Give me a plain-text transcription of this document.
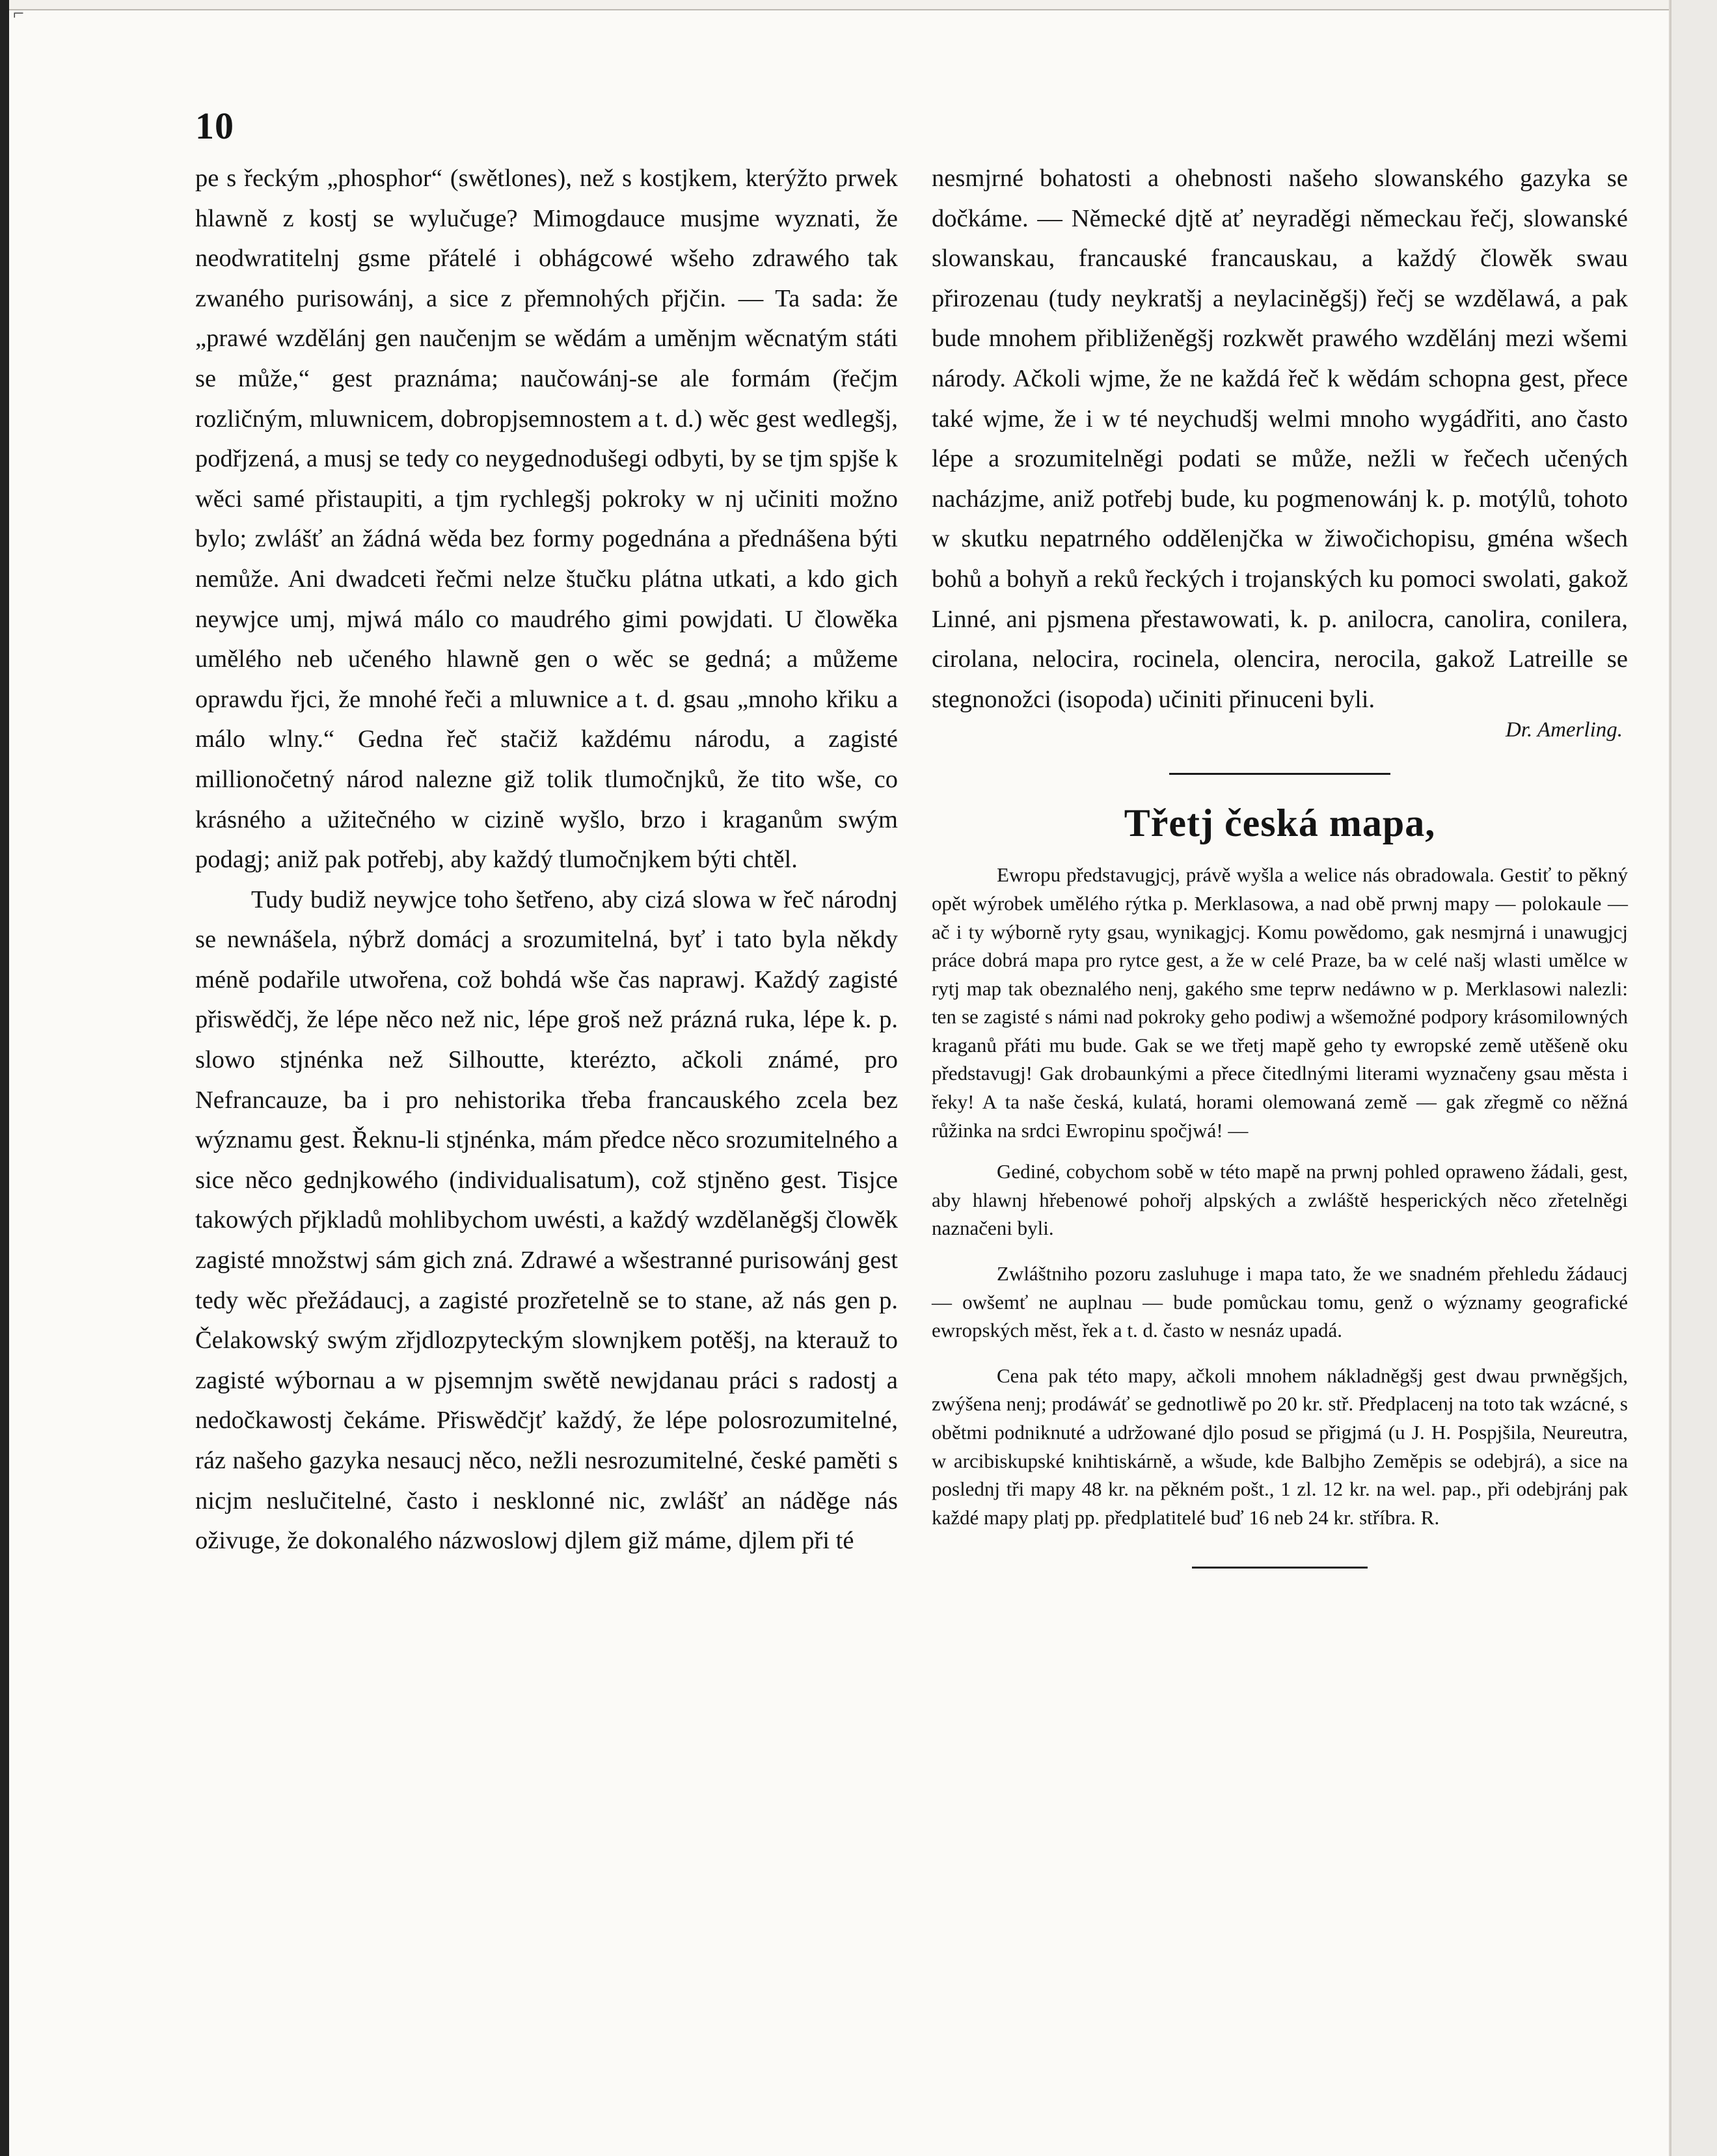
⌐
10

pe s řeckým „phosphor“ (swětlones), než s kostjkem, kterýžto prwek hlawně z kostj se wylučuge? Mimogdauce musjme wyznati, že neodwratitelnj gsme přátelé i obhágcowé wšeho zdrawého tak zwaného purisowánj, a sice z přemnohých přjčin. — Ta sada: že „prawé wzdělánj gen naučenjm se wědám a uměnjm wěcnatým státi se může,“ gest praznáma; naučowánj-se ale formám (řečjm rozličným, mluwnicem, dobropjsemnostem a t. d.) wěc gest wedlegšj, podřjzená, a musj se tedy co neygednodušegi odbyti, by se tjm spjše k wěci samé přistaupiti, a tjm rychlegšj pokroky w nj učiniti možno bylo; zwlášť an žádná wěda bez formy pogednána a přednášena býti nemůže. Ani dwadceti řečmi nelze štučku plátna utkati, a kdo gich neywjce umj, mjwá málo co maudrého gimi powjdati. U člowěka umělého neb učeného hlawně gen o wěc se gedná; a můžeme oprawdu řjci, že mnohé řeči a mluwnice a t. d. gsau „mnoho křiku a málo wlny.“ Gedna řeč stačiž každému národu, a zagisté millionočetný národ nalezne giž tolik tlumočnjků, že tito wše, co krásného a užitečného w cizině wyšlo, brzo i kraganům swým podagj; aniž pak potřebj, aby každý tlumočnjkem býti chtěl.

Tudy budiž neywjce toho šetřeno, aby cizá slowa w řeč národnj se newnášela, nýbrž domácj a srozumitelná, byť i tato byla někdy méně podařile utwořena, což bohdá wše čas naprawj. Každý zagisté přiswědčj, že lépe něco než nic, lépe groš než prázná ruka, lépe k. p. slowo stjnénka než Silhoutte, kterézto, ačkoli známé, pro Nefrancauze, ba i pro nehistorika třeba francauského zcela bez wýznamu gest. Řeknu-li stjnénka, mám předce něco srozumitelného a sice něco gednjkowého (individualisatum), což stjněno gest. Tisjce takowých přjkladů mohlibychom uwésti, a každý wzdělaněgšj člowěk zagisté množstwj sám gich zná. Zdrawé a wšestranné purisowánj gest tedy wěc přežádaucj, a zagisté prozřetelně se to stane, až nás gen p. Čelakowský swým zřjdlozpyteckým slownjkem potěšj, na kterauž to zagisté wýbornau a w pjsemnjm swětě newjdanau práci s radostj a nedočkawostj čekáme. Přiswědčjť každý, že lépe polosrozumitelné, ráz našeho gazyka nesaucj něco, nežli nesrozumitelné, české paměti s nicjm neslučitelné, často i nesklonné nic, zwlášť an náděge nás oživuge, že dokonalého názwoslowj djlem giž máme, djlem při té

nesmjrné bohatosti a ohebnosti našeho slowanského gazyka se dočkáme. — Německé djtě ať neyraděgi německau řečj, slowanské slowanskau, francauské francauskau, a každý člowěk swau přirozenau (tudy neykratšj a neylaciněgšj) řečj se wzdělawá, a pak bude mnohem přibliženěgšj rozkwět prawého wzdělánj mezi wšemi národy. Ačkoli wjme, že ne každá řeč k wědám schopna gest, přece také wjme, že i w té neychudšj welmi mnoho wygádřiti, ano často lépe a srozumitelněgi podati se může, nežli w řečech učených nacházjme, aniž potřebj bude, ku pogmenowánj k. p. motýlů, tohoto w skutku nepatrného oddělenjčka w žiwočichopisu, gména wšech bohů a bohyň a reků řeckých i trojanských ku pomoci swolati, gakož Linné, ani pjsmena přestawowati, k. p. anilocra, canolira, conilera, cirolana, nelocira, rocinela, olencira, nerocila, gakož Latreille se stegnonožci (isopoda) učiniti přinuceni byli.

Dr. Amerling.
Třetj česká mapa,

Ewropu představugjcj, právě wyšla a welice nás obradowala. Gestiť to pěkný opět wýrobek umělého rýtka p. Merklasowa, a nad obě prwnj mapy — polokaule — ač i ty wýborně ryty gsau, wynikagjcj. Komu powědomo, gak nesmjrná i unawugjcj práce dobrá mapa pro rytce gest, a že w celé Praze, ba w celé našj wlasti umělce w rytj map tak obeznalého nenj, gakého sme teprw nedáwno w p. Merklasowi nalezli: ten se zagisté s námi nad pokroky geho podiwj a wšemožné podpory krásomilowných kraganů přáti mu bude. Gak se we třetj mapě geho ty ewropské země utěšeně oku představugj! Gak drobaunkými a přece čitedlnými literami wyznačeny gsau města i řeky! A ta naše česká, kulatá, horami olemowaná země — gak zřegmě co něžná růžinka na srdci Ewropinu spočjwá! —

Gediné, cobychom sobě w této mapě na prwnj pohled oprawenо žádali, gest, aby hlawnj hřebenowé pohořj alpských a zwláště hesperických něco zřetelněgi naznačeni byli.

Zwláštniho pozoru zasluhuge i mapa tato, že we snadném přehledu žádaucj — owšemť ne auplnau — bude pomůckau tomu, genž o wýznamy geografické ewropských měst, řek a t. d. často w nesnáz upadá.

Cena pak této mapy, ačkoli mnohem nákladněgšj gest dwau prwněgšjch, zwýšena nenj; prodáwáť se gednotliwě po 20 kr. stř. Předplacenj na toto tak wzácné, s obětmi podniknuté a udržowané djlo posud se přigjmá (u J. H. Pospjšila, Neureutra, w arcibiskupské knihtiskárně, a wšude, kde Balbjho Zeměpis se odebjrá), a sice na poslednj tři mapy 48 kr. na pěkném pošt., 1 zl. 12 kr. na wel. pap., při odebjránj pak každé mapy platj pp. předplatitelé buď 16 neb 24 kr. stříbra. R.
